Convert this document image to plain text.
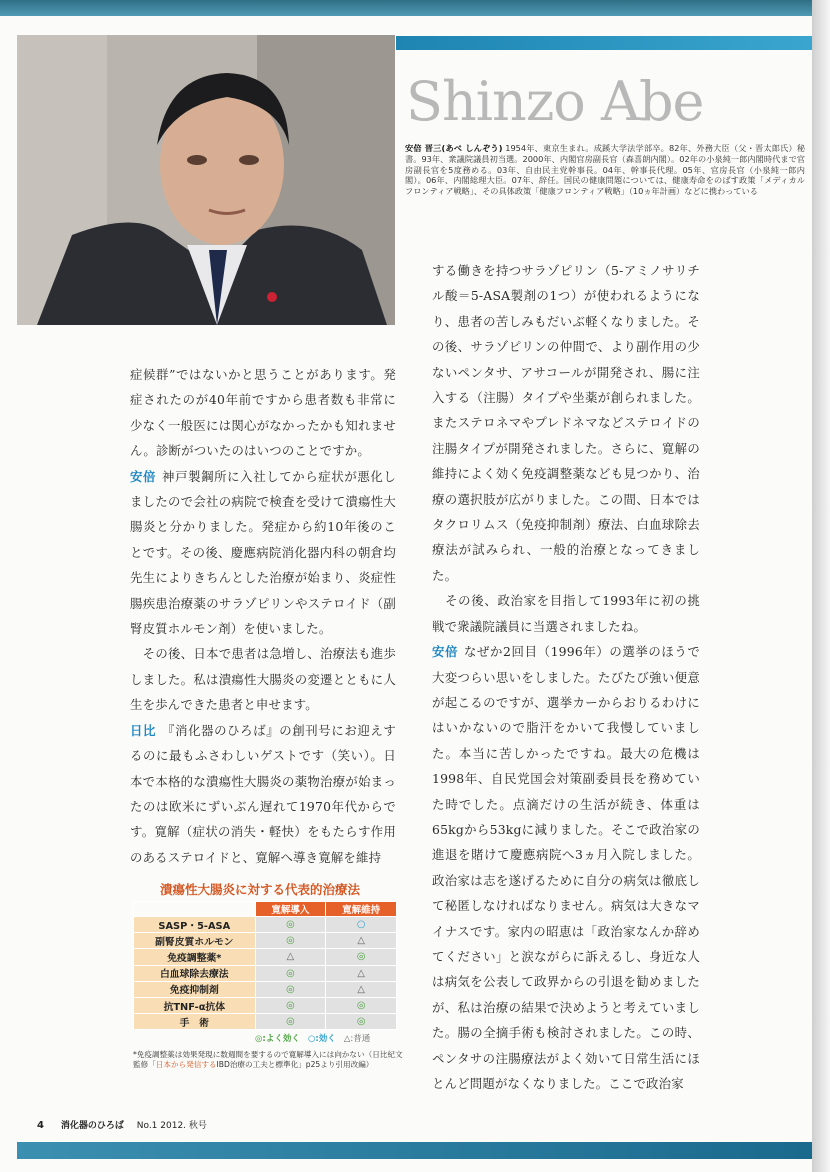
Shinzo Abe
安倍 晋三(あべ しんぞう) 1954年、東京生まれ。成蹊大学法学部卒。82年、外務大臣（父・晋太郎氏）秘書。93年、衆議院議員初当選。2000年、内閣官房副長官（森喜朗内閣）。02年の小泉純一郎内閣時代まで官房副長官を5度務める。03年、自由民主党幹事長。04年、幹事長代理。05年、官房長官（小泉純一郎内閣）。06年、内閣総理大臣。07年、辞任。国民の健康問題については、健康寿命をのばす政策「メディカルフロンティア戦略」、その具体政策「健康フロンティア戦略」（10ヵ年計画）などに携わっている

症候群”ではないかと思うことがあります。発症されたのが40年前ですから患者数も非常に少なく一般医には関心がなかったかも知れません。診断がついたのはいつのことですか。

安倍 神戸製鋼所に入社してから症状が悪化しましたので会社の病院で検査を受けて潰瘍性大腸炎と分かりました。発症から約10年後のことです。その後、慶應病院消化器内科の朝倉均先生によりきちんとした治療が始まり、炎症性腸疾患治療薬のサラゾピリンやステロイド（副腎皮質ホルモン剤）を使いました。

　その後、日本で患者は急増し、治療法も進歩しました。私は潰瘍性大腸炎の変遷とともに人生を歩んできた患者と申せます。

日比 『消化器のひろば』の創刊号にお迎えするのに最もふさわしいゲストです（笑い）。日本で本格的な潰瘍性大腸炎の薬物治療が始まったのは欧米にずいぶん遅れて1970年代からです。寛解（症状の消失・軽快）をもたらす作用のあるステロイドと、寛解へ導き寛解を維持

する働きを持つサラゾピリン（5-アミノサリチル酸＝5-ASA製剤の1つ）が使われるようになり、患者の苦しみもだいぶ軽くなりました。その後、サラゾピリンの仲間で、より副作用の少ないペンタサ、アサコールが開発され、腸に注入する（注腸）タイプや坐薬が創られました。またステロネマやプレドネマなどステロイドの注腸タイプが開発されました。さらに、寛解の維持によく効く免疫調整薬なども見つかり、治療の選択肢が広がりました。この間、日本ではタクロリムス（免疫抑制剤）療法、白血球除去療法が試みられ、一般的治療となってきました。

　その後、政治家を目指して1993年に初の挑戦で衆議院議員に当選されましたね。

安倍 なぜか2回目（1996年）の選挙のほうで大変つらい思いをしました。たびたび強い便意が起こるのですが、選挙カーからおりるわけにはいかないので脂汗をかいて我慢していました。本当に苦しかったですね。最大の危機は1998年、自民党国会対策副委員長を務めていた時でした。点滴だけの生活が続き、体重は65kgから53kgに減りました。そこで政治家の進退を賭けて慶應病院へ3ヵ月入院しました。政治家は志を遂げるために自分の病気は徹底して秘匿しなければなりません。病気は大きなマイナスです。家内の昭恵は「政治家なんか辞めてください」と涙ながらに訴えるし、身近な人は病気を公表して政界からの引退を勧めましたが、私は治療の結果で決めようと考えていました。腸の全摘手術も検討されました。この時、ペンタサの注腸療法がよく効いて日常生活にほとんど問題がなくなりました。ここで政治家

潰瘍性大腸炎に対する代表的治療法
	寛解導入	寛解維持
SASP・5-ASA	◎	○
副腎皮質ホルモン	◎	△
免疫調整薬*	△	◎
白血球除去療法	◎	△
免疫抑制剤	◎	△
抗TNF-α抗体	◎	◎
手　術	◎	◎
◎:よく効く ○:効く △:普通
*免疫調整薬は効果発現に数週間を要するので寛解導入には向かない（日比紀文監修「日本から発信するIBD治療の工夫と標準化」p25より引用改編）
4 消化器のひろば No.1 2012. 秋号
